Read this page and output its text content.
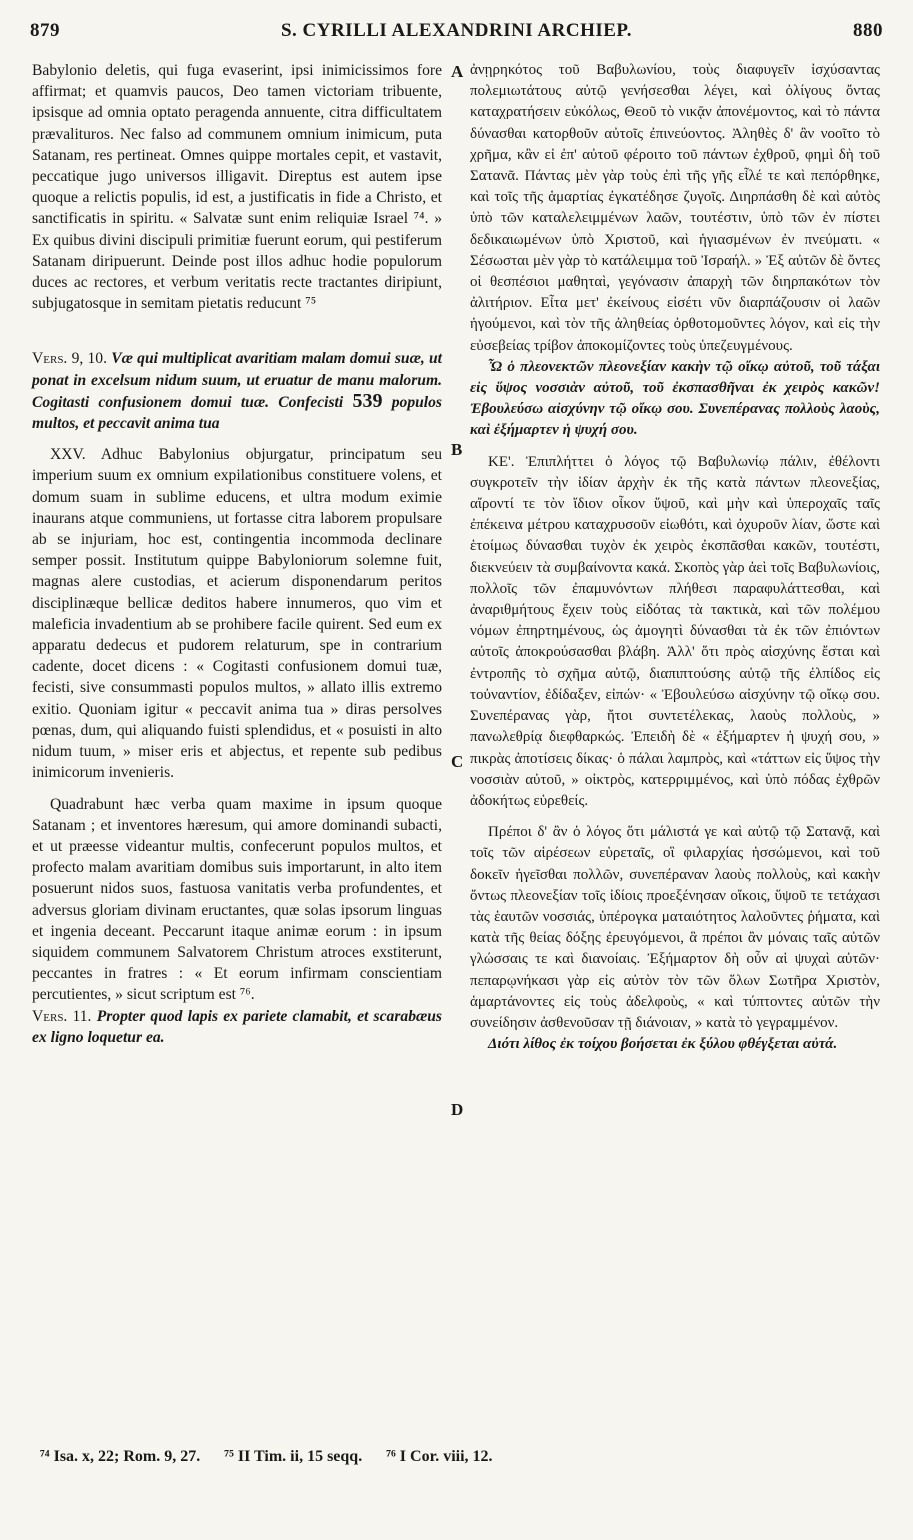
879	S. CYRILLI ALEXANDRINI ARCHIEP.	880
A
B
C
D

Babylonio deletis, qui fuga evaserint, ipsi inimicissimos fore affirmat; et quamvis paucos, Deo tamen victoriam tribuente, ipsisque ad omnia optato peragenda annuente, citra difficultatem prævalituros. Nec falso ad communem omnium inimicum, puta Satanam, res pertineat. Omnes quippe mortales cepit, et vastavit, peccatique jugo universos illigavit. Direptus est autem ipse quoque a relictis populis, id est, a justificatis in fide a Christo, et sanctificatis in spiritu. « Salvatæ sunt enim reliquiæ Israel ⁷⁴. » Ex quibus divini discipuli primitiæ fuerunt eorum, qui pestiferum Satanam diripuerunt. Deinde post illos adhuc hodie populorum duces ac rectores, et verbum veritatis recte tractantes diripiunt, subjugatosque in semitam pietatis reducunt ⁷⁵

Vers. 9, 10. Væ qui multiplicat avaritiam malam domui suæ, ut ponat in excelsum nidum suum, ut eruatur de manu malorum. Cogitasti confusionem domui tuæ. Confecisti 539 populos multos, et peccavit anima tua

XXV. Adhuc Babylonius objurgatur, principatum seu imperium suum ex omnium expilationibus constituere volens, et domum suam in sublime educens, et ultra modum eximie inaurans atque communiens, ut fortasse citra laborem propulsare ab se injuriam, hoc est, contingentia incommoda declinare semper possit. Institutum quippe Babyloniorum solemne fuit, magnas alere custodias, et acierum disponendarum peritos disciplinæque bellicæ deditos habere innumeros, quo vim et maleficia invadentium ab se prohibere facile quirent. Sed eum ex apparatu dedecus et pudorem relaturum, spe in contrarium cadente, docet dicens : « Cogitasti confusionem domui tuæ, fecisti, sive consummasti populos multos, » allato illis extremo exitio. Quoniam igitur « peccavit anima tua » diras persolves pœnas, dum, qui aliquando fuisti splendidus, et « posuisti in alto nidum tuum, » miser eris et abjectus, et repente sub pedibus inimicorum invenieris.

Quadrabunt hæc verba quam maxime in ipsum quoque Satanam ; et inventores hæresum, qui amore dominandi subacti, et ut præesse videantur multis, confecerunt populos multos, et profecto malam avaritiam domibus suis importarunt, in alto item posuerunt nidos suos, fastuosa vanitatis verba profundentes, et adversus gloriam divinam eructantes, quæ solas ipsorum linguas et ingenia deceant. Peccarunt itaque animæ eorum : in ipsum siquidem communem Salvatorem Christum atroces exstiterunt, peccantes in fratres : « Et eorum infirmam conscientiam percutientes, » sicut scriptum est ⁷⁶.

Vers. 11. Propter quod lapis ex pariete clamabit, et scarabæus ex ligno loquetur ea.

ἀνῃρηκότος τοῦ Βαβυλωνίου, τοὺς διαφυγεῖν ἰσχύσαντας πολεμιωτάτους αὐτῷ γενήσεσθαι λέγει, καὶ ὀλίγους ὄντας καταχρατήσειν εὐκόλως, Θεοῦ τὸ νικᾷν ἀπονέμοντος, καὶ τὸ πάντα δύνασθαι κατορθοῦν αὐτοῖς ἐπινεύοντος. Ἀληθὲς δ' ἂν νοοῖτο τὸ χρῆμα, κἂν εἰ ἐπ' αὐτοῦ φέροιτο τοῦ πάντων ἐχθροῦ, φημὶ δὴ τοῦ Σατανᾶ. Πάντας μὲν γὰρ τοὺς ἐπὶ τῆς γῆς εἷλέ τε καὶ πεπόρθηκε, καὶ τοῖς τῆς ἁμαρτίας ἐγκατέδησε ζυγοῖς. Διηρπάσθη δὲ καὶ αὐτὸς ὑπὸ τῶν καταλελειμμένων λαῶν, τουτέστιν, ὑπὸ τῶν ἐν πίστει δεδικαιωμένων ὑπὸ Χριστοῦ, καὶ ἡγιασμένων ἐν πνεύματι. « Σέσωσται μὲν γὰρ τὸ κατάλειμμα τοῦ Ἰσραήλ. » Ἐξ αὐτῶν δὲ ὄντες οἱ θεσπέσιοι μαθηταὶ, γεγόνασιν ἀπαρχὴ τῶν διηρπακότων τὸν ἀλιτήριον. Εἶτα μετ' ἐκείνους εἰσέτι νῦν διαρπάζουσιν οἱ λαῶν ἡγούμενοι, καὶ τὸν τῆς ἀληθείας ὀρθοτομοῦντες λόγον, καὶ εἰς τὴν εὐσεβείας τρίβον ἀποκομίζοντες τοὺς ὑπεζευγμένους.

Ὦ ὁ πλεονεκτῶν πλεονεξίαν κακὴν τῷ οἴκῳ αὐτοῦ, τοῦ τάξαι εἰς ὕψος νοσσιὰν αὐτοῦ, τοῦ ἐκσπασθῆναι ἐκ χειρὸς κακῶν! Ἐβουλεύσω αἰσχύνην τῷ οἴκῳ σου. Συνεπέρανας πολλοὺς λαοὺς, καὶ ἐξήμαρτεν ἡ ψυχή σου.

ΚΕ'. Ἐπιπλήττει ὁ λόγος τῷ Βαβυλωνίῳ πάλιν, ἐθέλοντι συγκροτεῖν τὴν ἰδίαν ἀρχὴν ἐκ τῆς κατὰ πάντων πλεονεξίας, αἴροντί τε τὸν ἴδιον οἶκον ὕψοῦ, καὶ μὴν καὶ ὑπεροχαῖς ταῖς ἐπέκεινα μέτρου καταχρυσοῦν εἰωθότι, καὶ ὀχυροῦν λίαν, ὥστε καὶ ἑτοίμως δύνασθαι τυχὸν ἐκ χειρὸς ἐκσπᾶσθαι κακῶν, τουτέστι, διεκνεύειν τὰ συμβαίνοντα κακά. Σκοπὸς γὰρ ἀεὶ τοῖς Βαβυλωνίοις, πολλοῖς τῶν ἐπαμυνόντων πλήθεσι παραφυλάττεσθαι, καὶ ἀναριθμήτους ἔχειν τοὺς εἰδότας τὰ τακτικὰ, καὶ τῶν πολέμου νόμων ἐπηρτημένους, ὡς ἀμογητὶ δύνασθαι τὰ ἐκ τῶν ἐπιόντων αὐτοῖς ἀποκρούσασθαι βλάβη. Ἀλλ' ὅτι πρὸς αἰσχύνης ἔσται καὶ ἐντροπῆς τὸ σχῆμα αὐτῷ, διαπιπτούσης αὐτῷ τῆς ἐλπίδος εἰς τοὐναντίον, ἐδίδαξεν, εἰπών· « Ἐβουλεύσω αἰσχύνην τῷ οἴκῳ σου. Συνεπέρανας γὰρ, ἤτοι συντετέλεκας, λαοὺς πολλοὺς, » πανωλεθρίᾳ διεφθαρκώς. Ἐπειδὴ δὲ « ἐξήμαρτεν ἡ ψυχή σου, » πικρὰς ἀποτίσεις δίκας· ὁ πάλαι λαμπρὸς, καὶ «τάττων εἰς ὕψος τὴν νοσσιὰν αὐτοῦ, » οἰκτρὸς, κατερριμμένος, καὶ ὑπὸ πόδας ἐχθρῶν ἀδοκήτως εὑρεθείς.

Πρέποι δ' ἂν ὁ λόγος ὅτι μάλιστά γε καὶ αὐτῷ τῷ Σατανᾷ, καὶ τοῖς τῶν αἱρέσεων εὑρεταῖς, οἳ φιλαρχίας ἡσσώμενοι, καὶ τοῦ δοκεῖν ἡγεῖσθαι πολλῶν, συνεπέραναν λαοὺς πολλοὺς, καὶ κακὴν ὄντως πλεονεξίαν τοῖς ἰδίοις προεξένησαν οἴκοις, ὕψοῦ τε τετάχασι τὰς ἑαυτῶν νοσσιάς, ὑπέρογκα ματαιότητος λαλοῦντες ῥήματα, καὶ κατὰ τῆς θείας δόξης ἐρευγόμενοι, ἃ πρέποι ἂν μόναις ταῖς αὐτῶν γλώσσαις τε καὶ διανοίαις. Ἐξήμαρτον δὴ οὖν αἱ ψυχαὶ αὐτῶν· πεπαρῳνήκασι γὰρ εἰς αὐτὸν τὸν τῶν ὅλων Σωτῆρα Χριστὸν, ἁμαρτάνοντες εἰς τοὺς ἀδελφοὺς, « καὶ τύπτοντες αὐτῶν τὴν συνείδησιν ἀσθενοῦσαν τῇ διάνοιαν, » κατὰ τὸ γεγραμμένον.

Διότι λίθος ἐκ τοίχου βοήσεται ἐκ ξύλου φθέγξεται αὐτά.

⁷⁴ Isa. x, 22; Rom. 9, 27. ⁷⁵ II Tim. ii, 15 seqq. ⁷⁶ I Cor. viii, 12.
